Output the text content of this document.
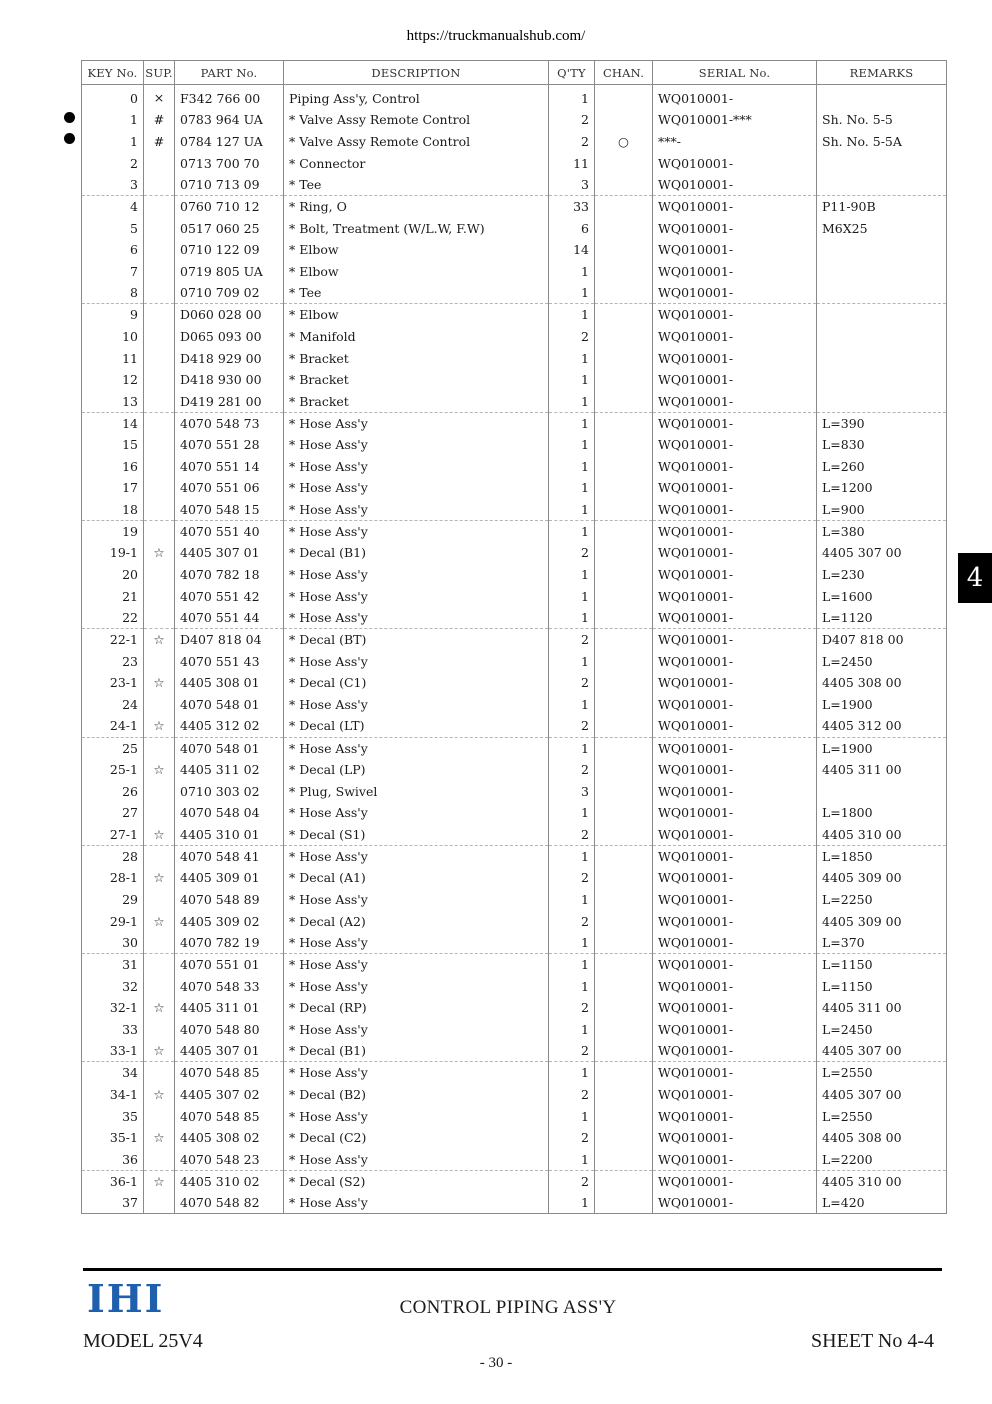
https://truckmanualshub.com/
KEY No.	SUP.	PART No.	DESCRIPTION	Q'TY	CHAN.	SERIAL No.	REMARKS
0	×	F342 766 00	Piping Ass'y, Control	1		WQ010001-	
1	#	0783 964 UA	* Valve Assy Remote Control	2		WQ010001-***	Sh. No. 5-5
1	#	0784 127 UA	* Valve Assy Remote Control	2	○	***-	Sh. No. 5-5A
2		0713 700 70	* Connector	11		WQ010001-	
3		0710 713 09	* Tee	3		WQ010001-	
4		0760 710 12	* Ring, O	33		WQ010001-	P11-90B
5		0517 060 25	* Bolt, Treatment (W/L.W, F.W)	6		WQ010001-	M6X25
6		0710 122 09	* Elbow	14		WQ010001-	
7		0719 805 UA	* Elbow	1		WQ010001-	
8		0710 709 02	* Tee	1		WQ010001-	
9		D060 028 00	* Elbow	1		WQ010001-	
10		D065 093 00	* Manifold	2		WQ010001-	
11		D418 929 00	* Bracket	1		WQ010001-	
12		D418 930 00	* Bracket	1		WQ010001-	
13		D419 281 00	* Bracket	1		WQ010001-	
14		4070 548 73	* Hose Ass'y	1		WQ010001-	L=390
15		4070 551 28	* Hose Ass'y	1		WQ010001-	L=830
16		4070 551 14	* Hose Ass'y	1		WQ010001-	L=260
17		4070 551 06	* Hose Ass'y	1		WQ010001-	L=1200
18		4070 548 15	* Hose Ass'y	1		WQ010001-	L=900
19		4070 551 40	* Hose Ass'y	1		WQ010001-	L=380
19-1	☆	4405 307 01	* Decal (B1)	2		WQ010001-	4405 307 00
20		4070 782 18	* Hose Ass'y	1		WQ010001-	L=230
21		4070 551 42	* Hose Ass'y	1		WQ010001-	L=1600
22		4070 551 44	* Hose Ass'y	1		WQ010001-	L=1120
22-1	☆	D407 818 04	* Decal (BT)	2		WQ010001-	D407 818 00
23		4070 551 43	* Hose Ass'y	1		WQ010001-	L=2450
23-1	☆	4405 308 01	* Decal (C1)	2		WQ010001-	4405 308 00
24		4070 548 01	* Hose Ass'y	1		WQ010001-	L=1900
24-1	☆	4405 312 02	* Decal (LT)	2		WQ010001-	4405 312 00
25		4070 548 01	* Hose Ass'y	1		WQ010001-	L=1900
25-1	☆	4405 311 02	* Decal (LP)	2		WQ010001-	4405 311 00
26		0710 303 02	* Plug, Swivel	3		WQ010001-	
27		4070 548 04	* Hose Ass'y	1		WQ010001-	L=1800
27-1	☆	4405 310 01	* Decal (S1)	2		WQ010001-	4405 310 00
28		4070 548 41	* Hose Ass'y	1		WQ010001-	L=1850
28-1	☆	4405 309 01	* Decal (A1)	2		WQ010001-	4405 309 00
29		4070 548 89	* Hose Ass'y	1		WQ010001-	L=2250
29-1	☆	4405 309 02	* Decal (A2)	2		WQ010001-	4405 309 00
30		4070 782 19	* Hose Ass'y	1		WQ010001-	L=370
31		4070 551 01	* Hose Ass'y	1		WQ010001-	L=1150
32		4070 548 33	* Hose Ass'y	1		WQ010001-	L=1150
32-1	☆	4405 311 01	* Decal (RP)	2		WQ010001-	4405 311 00
33		4070 548 80	* Hose Ass'y	1		WQ010001-	L=2450
33-1	☆	4405 307 01	* Decal (B1)	2		WQ010001-	4405 307 00
34		4070 548 85	* Hose Ass'y	1		WQ010001-	L=2550
34-1	☆	4405 307 02	* Decal (B2)	2		WQ010001-	4405 307 00
35		4070 548 85	* Hose Ass'y	1		WQ010001-	L=2550
35-1	☆	4405 308 02	* Decal (C2)	2		WQ010001-	4405 308 00
36		4070 548 23	* Hose Ass'y	1		WQ010001-	L=2200
36-1	☆	4405 310 02	* Decal (S2)	2		WQ010001-	4405 310 00
37		4070 548 82	* Hose Ass'y	1		WQ010001-	L=420
4
IHI	CONTROL PIPING ASS'Y
MODEL 25V4	SHEET No 4-4
- 30 -
